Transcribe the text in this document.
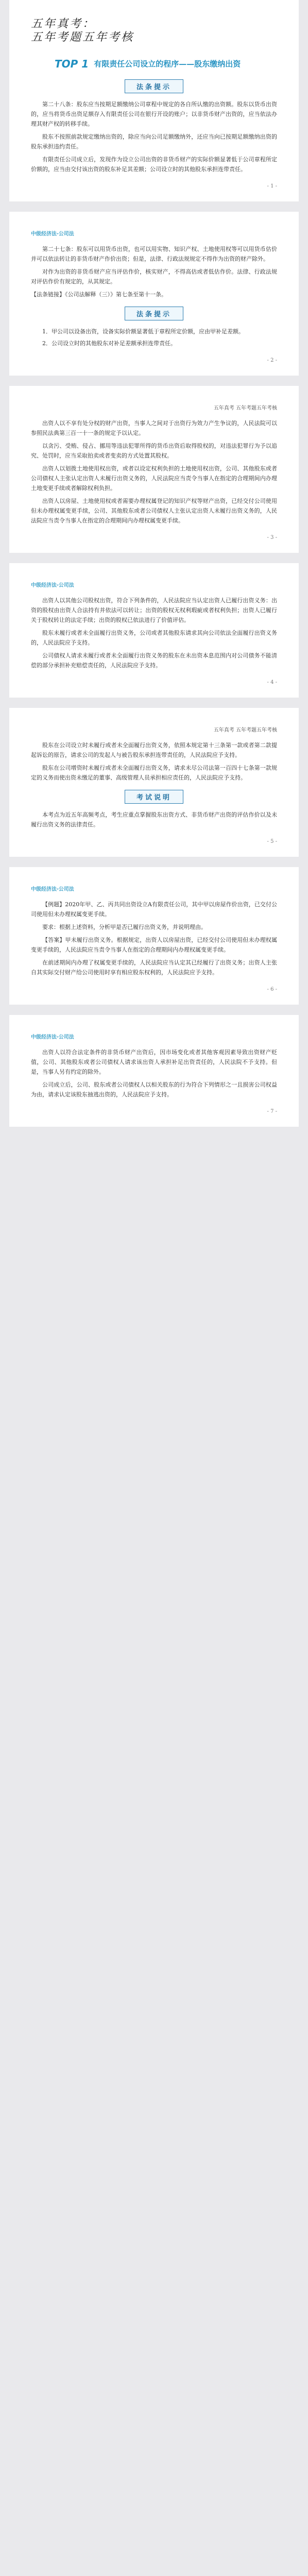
五年真考：
五年考题五年考核
TOP 1 有限责任公司设立的程序——股东缴纳出资
法条提示

第二十八条：股东应当按期足额缴纳公司章程中规定的各自所认缴的出资额。股东以货币出资的，应当将货币出资足额存入有限责任公司在银行开设的账户；以非货币财产出资的，应当依法办理其财产权的转移手续。

股东不按照前款规定缴纳出资的，除应当向公司足额缴纳外，还应当向已按期足额缴纳出资的股东承担违约责任。

有限责任公司成立后，发现作为设立公司出资的非货币财产的实际价额显著低于公司章程所定价额的，应当由交付该出资的股东补足其差额；公司设立时的其他股东承担连带责任。

- 1 -
中级经济法·公司法

第二十七条：股东可以用货币出资，也可以用实物、知识产权、土地使用权等可以用货币估价并可以依法转让的非货币财产作价出资；但是，法律、行政法规规定不得作为出资的财产除外。

对作为出资的非货币财产应当评估作价，核实财产，不得高估或者低估作价。法律、行政法规对评估作价有规定的，从其规定。

【法条链接】《公司法解释（三）》第七条至第十一条。
法条提示
1．甲公司以设备出资，设备实际价额显著低于章程所定价额，应由甲补足差额。
2．公司设立时的其他股东对补足差额承担连带责任。
- 2 -
五年真考 五年考题五年考核

出资人以不享有处分权的财产出资，当事人之间对于出资行为效力产生争议的，人民法院可以参照民法典第三百一十一条的规定予以认定。

以贪污、受贿、侵占、挪用等违法犯罪所得的货币出资后取得股权的，对违法犯罪行为予以追究、处罚时，应当采取拍卖或者变卖的方式处置其股权。

出资人以划拨土地使用权出资，或者以设定权利负担的土地使用权出资，公司、其他股东或者公司债权人主张认定出资人未履行出资义务的，人民法院应当责令当事人在指定的合理期间内办理土地变更手续或者解除权利负担。

出资人以房屋、土地使用权或者需要办理权属登记的知识产权等财产出资，已经交付公司使用但未办理权属变更手续，公司、其他股东或者公司债权人主张认定出资人未履行出资义务的，人民法院应当责令当事人在指定的合理期间内办理权属变更手续。

- 3 -
中级经济法·公司法

出资人以其他公司股权出资，符合下列条件的，人民法院应当认定出资人已履行出资义务：出资的股权由出资人合法持有并依法可以转让；出资的股权无权利瑕疵或者权利负担；出资人已履行关于股权转让的法定手续；出资的股权已依法进行了价值评估。

股东未履行或者未全面履行出资义务，公司或者其他股东请求其向公司依法全面履行出资义务的，人民法院应予支持。

公司债权人请求未履行或者未全面履行出资义务的股东在未出资本息范围内对公司债务不能清偿的部分承担补充赔偿责任的，人民法院应予支持。

- 4 -
五年真考 五年考题五年考核

股东在公司设立时未履行或者未全面履行出资义务，依照本规定第十三条第一款或者第二款提起诉讼的原告，请求公司的发起人与被告股东承担连带责任的，人民法院应予支持。

股东在公司增资时未履行或者未全面履行出资义务，请求未尽公司法第一百四十七条第一款规定的义务而使出资未缴足的董事、高级管理人员承担相应责任的，人民法院应予支持。

考试说明

本考点为近五年高频考点，考生应重点掌握股东出资方式、非货币财产出资的评估作价以及未履行出资义务的法律责任。

- 5 -
中级经济法·公司法

【例题】2020年甲、乙、丙共同出资设立A有限责任公司，其中甲以房屋作价出资，已交付公司使用但未办理权属变更手续。

要求：根据上述资料，分析甲是否已履行出资义务，并说明理由。

【答案】甲未履行出资义务。根据规定，出资人以房屋出资，已经交付公司使用但未办理权属变更手续的，人民法院应当责令当事人在指定的合理期间内办理权属变更手续。

在前述期间内办理了权属变更手续的，人民法院应当认定其已经履行了出资义务；出资人主张自其实际交付财产给公司使用时享有相应股东权利的，人民法院应予支持。

- 6 -
中级经济法·公司法

出资人以符合法定条件的非货币财产出资后，因市场变化或者其他客观因素导致出资财产贬值，公司、其他股东或者公司债权人请求该出资人承担补足出资责任的，人民法院不予支持。但是，当事人另有约定的除外。

公司成立后，公司、股东或者公司债权人以相关股东的行为符合下列情形之一且损害公司权益为由，请求认定该股东抽逃出资的，人民法院应予支持。

- 7 -
